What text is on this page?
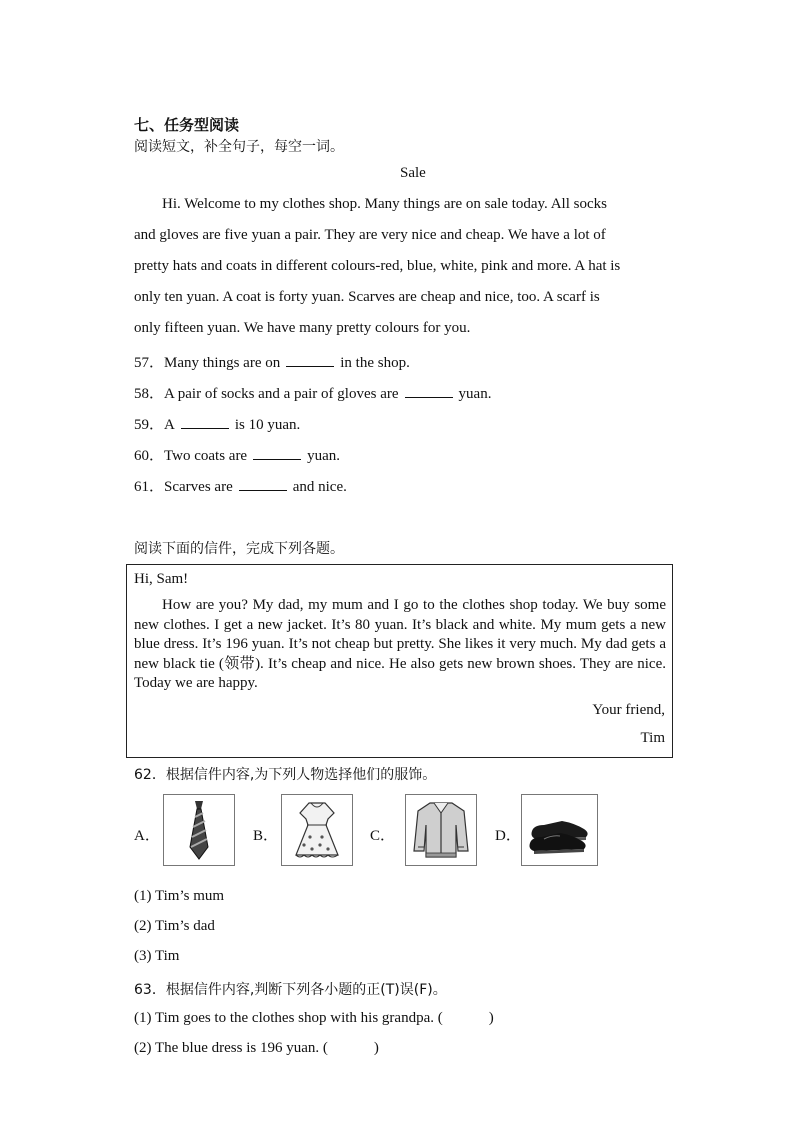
七、任务型阅读
阅读短文，补全句子，每空一词。
Sale

Hi. Welcome to my clothes shop. Many things are on sale today. All socks

and gloves are five yuan a pair. They are very nice and cheap. We have a lot of

pretty hats and coats in different colours-red, blue, white, pink and more. A hat is

only ten yuan. A coat is forty yuan. Scarves are cheap and nice, too. A scarf is

only fifteen yuan. We have many pretty colours for you.

57．Many things are on	in the shop.
58．A pair of socks and a pair of gloves are	yuan.
59．A	is 10 yuan.
60．Two coats are	yuan.
61．Scarves are	and nice.
阅读下面的信件，完成下列各题。
Hi, Sam!
How are you? My dad, my mum and I go to the clothes shop today. We buy some new clothes. I get a new jacket. It’s 80 yuan. It’s black and white. My mum gets a new blue dress. It’s 196 yuan. It’s not cheap but pretty. She likes it very much. My dad gets a new black tie (领带). It’s cheap and nice. He also gets new brown shoes. They are nice. Today we are happy.
Your friend,
Tim
62．根据信件内容,为下列人物选择他们的服饰。
A．	B．	C．	D．
(1) Tim’s mum
(2) Tim’s dad
(3) Tim
63．根据信件内容,判断下列各小题的正(T)误(F)。
(1) Tim goes to the clothes shop with his grandpa. (	)
(2) The blue dress is 196 yuan. (	)
